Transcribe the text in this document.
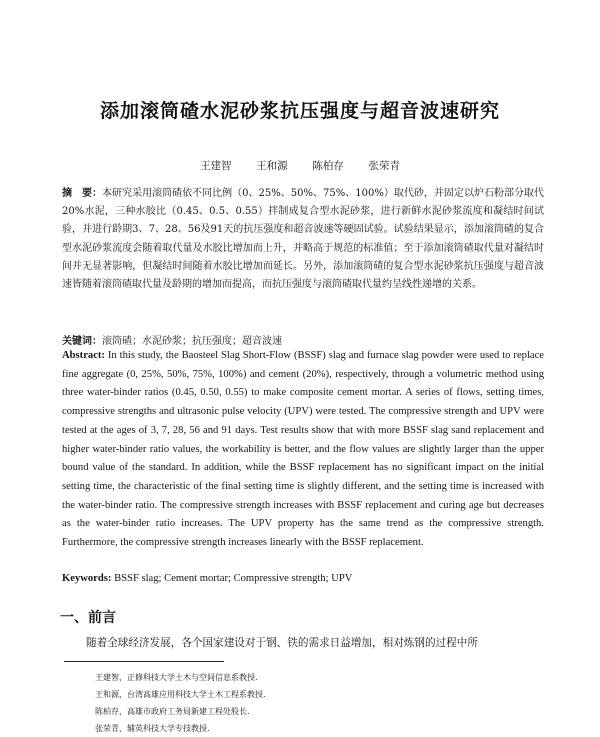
添加滚筒碴水泥砂浆抗压强度与超音波速研究
王建智 王和源 陈柏存 张荣青
摘　要：本研究采用滚筒碴依不同比例（0、25%、50%、75%、100%）取代砂，并固定以炉石粉部分取代20%水泥，三种水胶比（0.45、0.5、0.55）拌制成复合型水泥砂浆，进行新鲜水泥砂浆流度和凝结时间试验，并进行龄期3、7、28、56及91天的抗压强度和超音波速等硬固试验。试验结果显示，添加滚筒碴的复合型水泥砂浆流度会随着取代量及水胶比增加而上升，并略高于规范的标准值；至于添加滚筒碴取代量对凝结时间并无显著影响，但凝结时间随着水胶比增加而延长。另外，添加滚筒碴的复合型水泥砂浆抗压强度与超音波速皆随着滚筒碴取代量及龄期的增加而提高，而抗压强度与滚筒碴取代量约呈线性递增的关系。
关键词：滚筒碴；水泥砂浆；抗压强度；超音波速
Abstract: In this study, the Baosteel Slag Short-Flow (BSSF) slag and furnace slag powder were used to replace fine aggregate (0, 25%, 50%, 75%, 100%) and cement (20%), respectively, through a volumetric method using three water-binder ratios (0.45, 0.50, 0.55) to make composite cement mortar. A series of flows, setting times, compressive strengths and ultrasonic pulse velocity (UPV) were tested. The compressive strength and UPV were tested at the ages of 3, 7, 28, 56 and 91 days. Test results show that with more BSSF slag sand replacement and higher water-binder ratio values, the workability is better, and the flow values are slightly larger than the upper bound value of the standard. In addition, while the BSSF replacement has no significant impact on the initial setting time, the characteristic of the final setting time is slightly different, and the setting time is increased with the water-binder ratio. The compressive strength increases with BSSF replacement and curing age but decreases as the water-binder ratio increases. The UPV property has the same trend as the compressive strength. Furthermore, the compressive strength increases linearly with the BSSF replacement.
Keywords: BSSF slag; Cement mortar; Compressive strength; UPV
一、前言
随着全球经济发展，各个国家建设对于钢、铁的需求日益增加，相对炼钢的过程中所
王建智，正修科技大学土木与空间信息系教授.
王和源，台湾高雄应用科技大学土木工程系教授.
陈柏存，高雄市政府工务局新建工程处股长.
张荣青，辅英科技大学专技教授.
